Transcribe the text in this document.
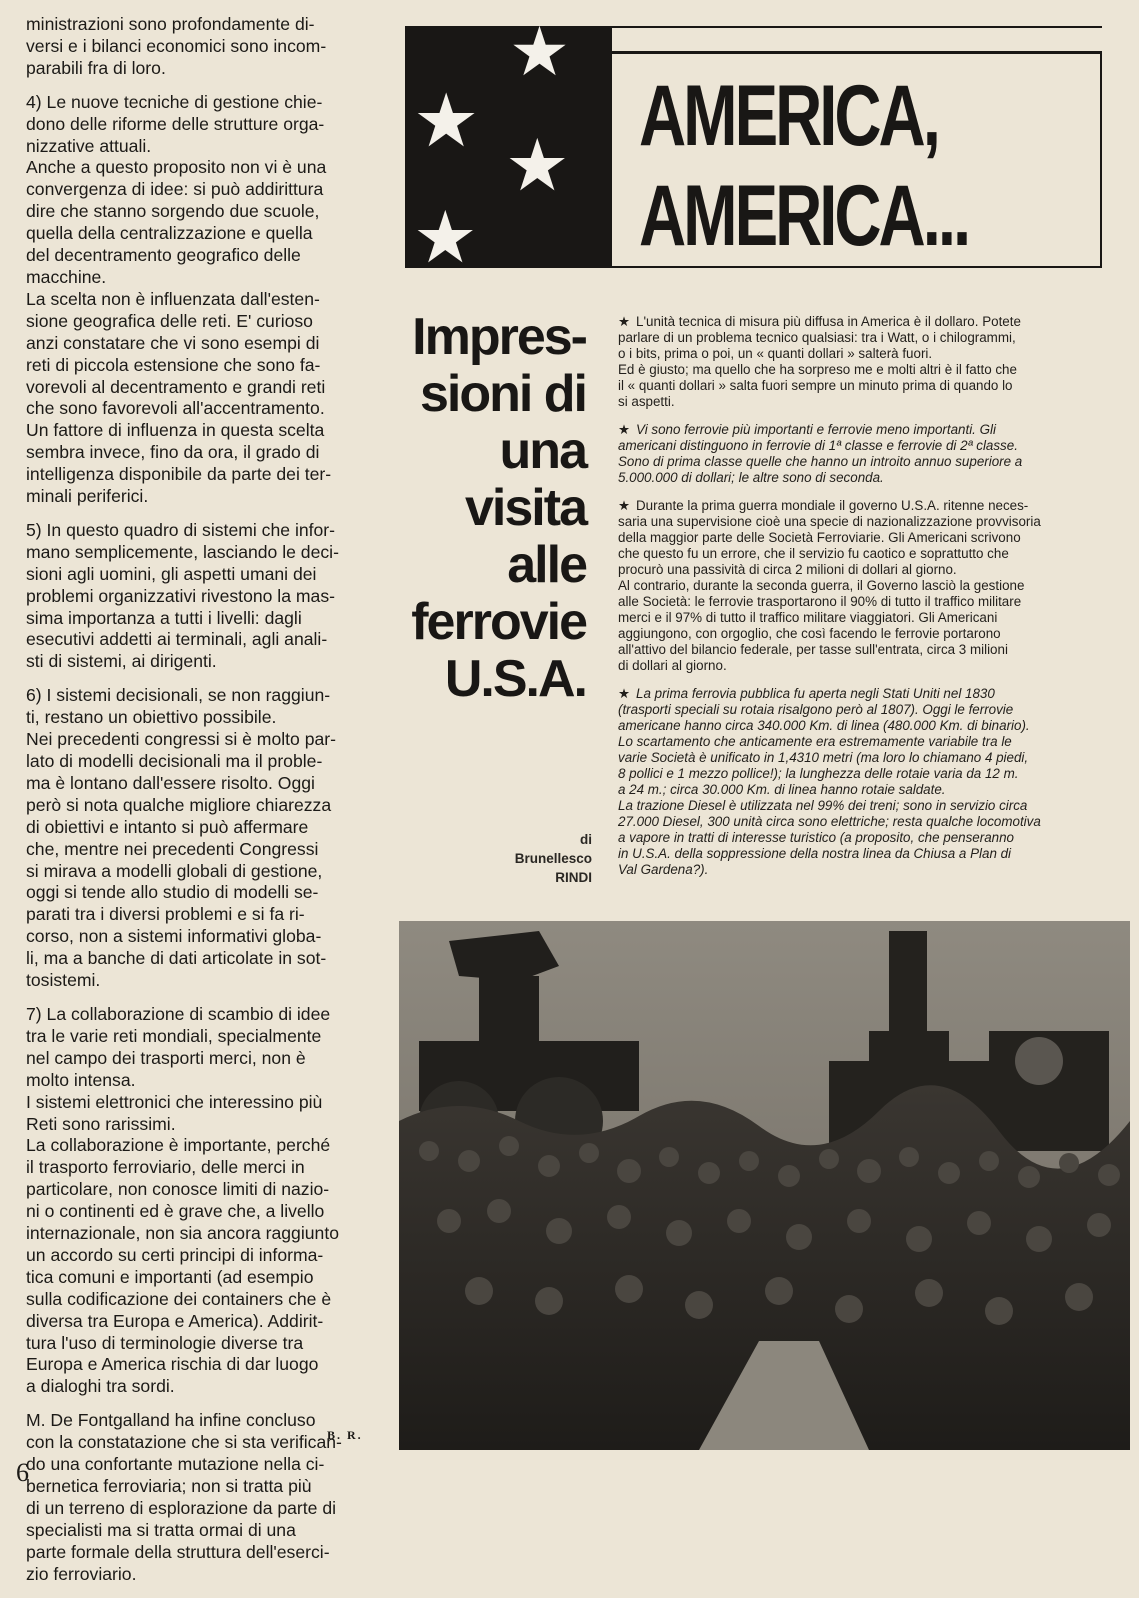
ministrazioni sono profondamente di-
versi e i bilanci economici sono incom-
parabili fra di loro.

4) Le nuove tecniche di gestione chie-
dono delle riforme delle strutture orga-
nizzative attuali.
Anche a questo proposito non vi è una
convergenza di idee: si può addirittura
dire che stanno sorgendo due scuole,
quella della centralizzazione e quella
del decentramento geografico delle
macchine.
La scelta non è influenzata dall'esten-
sione geografica delle reti. E' curioso
anzi constatare che vi sono esempi di
reti di piccola estensione che sono fa-
vorevoli al decentramento e grandi reti
che sono favorevoli all'accentramento.
Un fattore di influenza in questa scelta
sembra invece, fino da ora, il grado di
intelligenza disponibile da parte dei ter-
minali periferici.

5) In questo quadro di sistemi che infor-
mano semplicemente, lasciando le deci-
sioni agli uomini, gli aspetti umani dei
problemi organizzativi rivestono la mas-
sima importanza a tutti i livelli: dagli
esecutivi addetti ai terminali, agli anali-
sti di sistemi, ai dirigenti.

6) I sistemi decisionali, se non raggiun-
ti, restano un obiettivo possibile.
Nei precedenti congressi si è molto par-
lato di modelli decisionali ma il proble-
ma è lontano dall'essere risolto. Oggi
però si nota qualche migliore chiarezza
di obiettivi e intanto si può affermare
che, mentre nei precedenti Congressi
si mirava a modelli globali di gestione,
oggi si tende allo studio di modelli se-
parati tra i diversi problemi e si fa ri-
corso, non a sistemi informativi globa-
li, ma a banche di dati articolate in sot-
tosistemi.

7) La collaborazione di scambio di idee
tra le varie reti mondiali, specialmente
nel campo dei trasporti merci, non è
molto intensa.
I sistemi elettronici che interessino più
Reti sono rarissimi.
La collaborazione è importante, perché
il trasporto ferroviario, delle merci in
particolare, non conosce limiti di nazio-
ni o continenti ed è grave che, a livello
internazionale, non sia ancora raggiunto
un accordo su certi principi di informa-
tica comuni e importanti (ad esempio
sulla codificazione dei containers che è
diversa tra Europa e America). Addirit-
tura l'uso di terminologie diverse tra
Europa e America rischia di dar luogo
a dialoghi tra sordi.

M. De Fontgalland ha infine concluso
con la constatazione che si sta verifican-
do una confortante mutazione nella ci-
bernetica ferroviaria; non si tratta più
di un terreno di esplorazione da parte di
specialisti ma si tratta ormai di una
parte formale della struttura dell'eserci-
zio ferroviario.

B. R.
6
★
★
★
★
AMERICA,
AMERICA...
Impres-
sioni di
una
visita
alle
ferrovie
U.S.A.
di
Brunellesco
RINDI
★ L'unità tecnica di misura più diffusa in America è il dollaro. Potete
parlare di un problema tecnico qualsiasi: tra i Watt, o i chilogrammi,
o i bits, prima o poi, un « quanti dollari » salterà fuori.
Ed è giusto; ma quello che ha sorpreso me e molti altri è il fatto che
il « quanti dollari » salta fuori sempre un minuto prima di quando lo
si aspetti.
★ Vi sono ferrovie più importanti e ferrovie meno importanti. Gli
americani distinguono in ferrovie di 1ª classe e ferrovie di 2ª classe.
Sono di prima classe quelle che hanno un introito annuo superiore a
5.000.000 di dollari; le altre sono di seconda.
★ Durante la prima guerra mondiale il governo U.S.A. ritenne neces-
saria una supervisione cioè una specie di nazionalizzazione provvisoria
della maggior parte delle Società Ferroviarie. Gli Americani scrivono
che questo fu un errore, che il servizio fu caotico e soprattutto che
procurò una passività di circa 2 milioni di dollari al giorno.
Al contrario, durante la seconda guerra, il Governo lasciò la gestione
alle Società: le ferrovie trasportarono il 90% di tutto il traffico militare
merci e il 97% di tutto il traffico militare viaggiatori. Gli Americani
aggiungono, con orgoglio, che così facendo le ferrovie portarono
all'attivo del bilancio federale, per tasse sull'entrata, circa 3 milioni
di dollari al giorno.
★ La prima ferrovia pubblica fu aperta negli Stati Uniti nel 1830
(trasporti speciali su rotaia risalgono però al 1807). Oggi le ferrovie
americane hanno circa 340.000 Km. di linea (480.000 Km. di binario).
Lo scartamento che anticamente era estremamente variabile tra le
varie Società è unificato in 1,4310 metri (ma loro lo chiamano 4 piedi,
8 pollici e 1 mezzo pollice!); la lunghezza delle rotaie varia da 12 m.
a 24 m.; circa 30.000 Km. di linea hanno rotaie saldate.
La trazione Diesel è utilizzata nel 99% dei treni; sono in servizio circa
27.000 Diesel, 300 unità circa sono elettriche; resta qualche locomotiva
a vapore in tratti di interesse turistico (a proposito, che penseranno
in U.S.A. della soppressione della nostra linea da Chiusa a Plan di
Val Gardena?).
